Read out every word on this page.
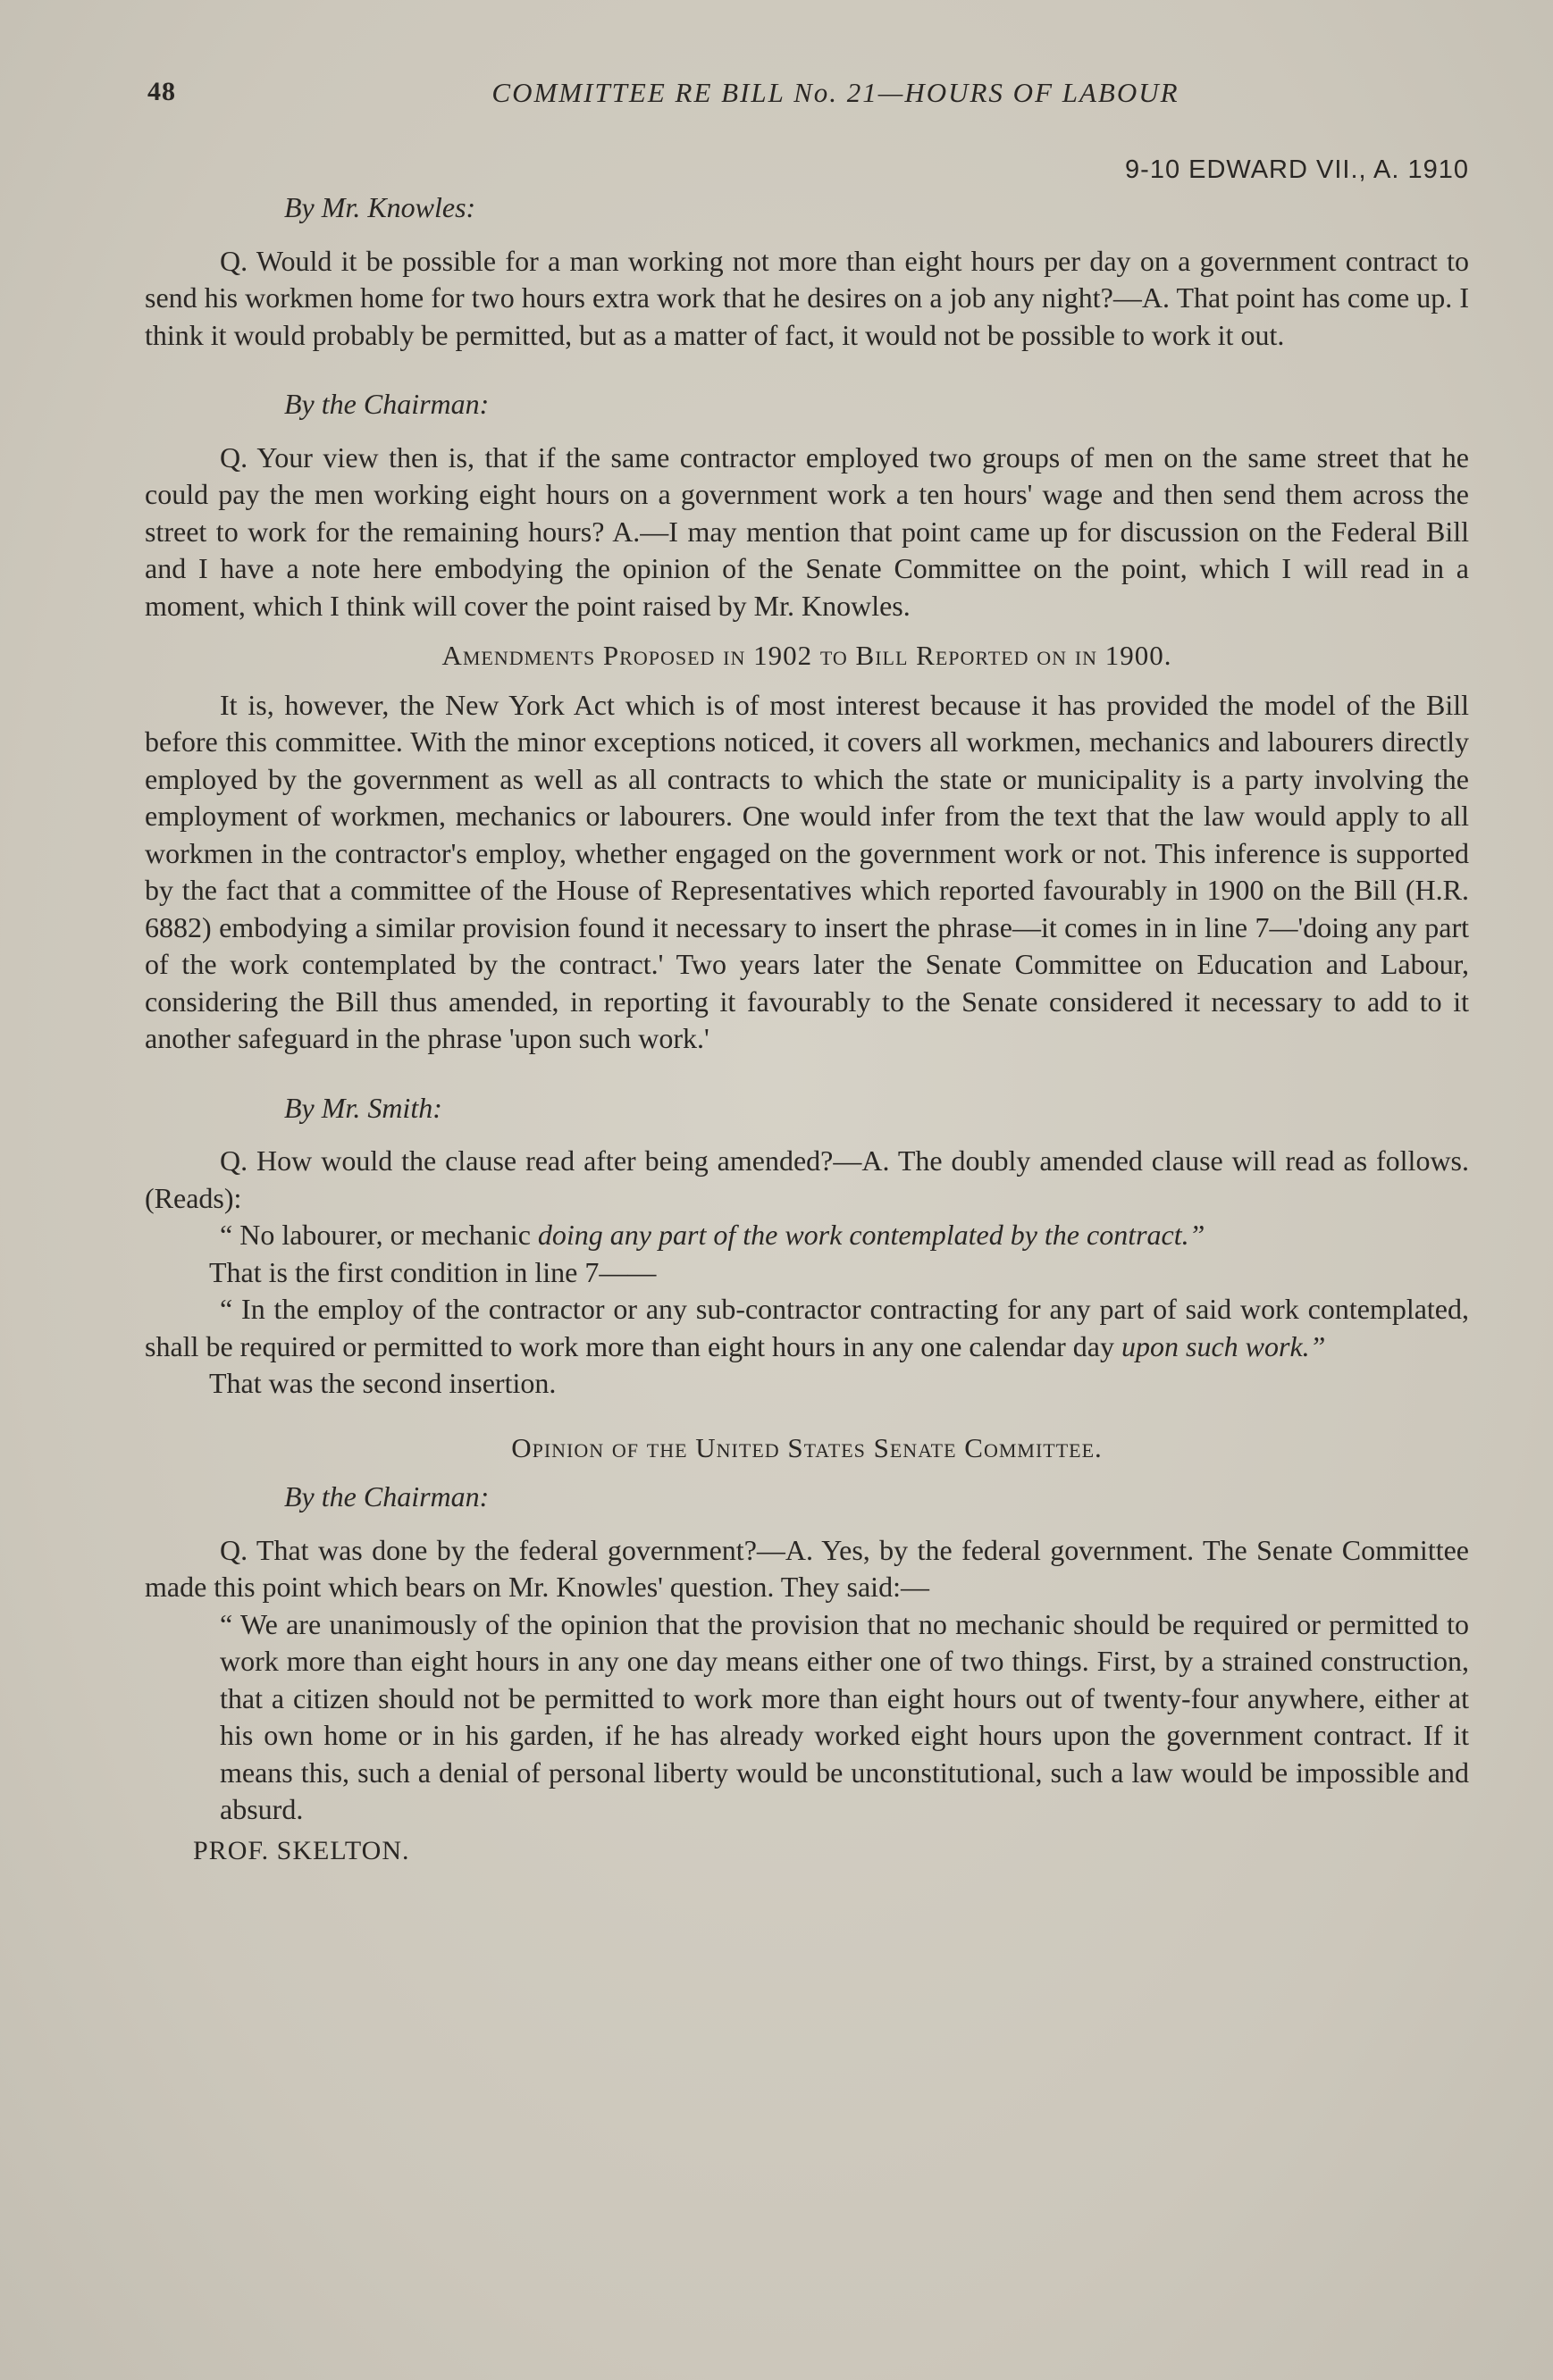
48	COMMITTEE RE BILL No. 21—HOURS OF LABOUR
9-10 EDWARD VII., A. 1910

By Mr. Knowles:

Q. Would it be possible for a man working not more than eight hours per day on a government contract to send his workmen home for two hours extra work that he desires on a job any night?—A. That point has come up. I think it would probably be permitted, but as a matter of fact, it would not be possible to work it out.

By the Chairman:

Q. Your view then is, that if the same contractor employed two groups of men on the same street that he could pay the men working eight hours on a government work a ten hours' wage and then send them across the street to work for the remaining hours? A.—I may mention that point came up for discussion on the Federal Bill and I have a note here embodying the opinion of the Senate Committee on the point, which I will read in a moment, which I think will cover the point raised by Mr. Knowles.

Amendments Proposed in 1902 to Bill Reported on in 1900.

It is, however, the New York Act which is of most interest because it has provided the model of the Bill before this committee. With the minor exceptions noticed, it covers all workmen, mechanics and labourers directly employed by the government as well as all contracts to which the state or municipality is a party involving the employment of workmen, mechanics or labourers. One would infer from the text that the law would apply to all workmen in the contractor's employ, whether engaged on the government work or not. This inference is supported by the fact that a committee of the House of Representatives which reported favourably in 1900 on the Bill (H.R. 6882) embodying a similar provision found it necessary to insert the phrase—it comes in in line 7—'doing any part of the work contemplated by the contract.' Two years later the Senate Committee on Education and Labour, considering the Bill thus amended, in reporting it favourably to the Senate considered it necessary to add to it another safeguard in the phrase 'upon such work.'

By Mr. Smith:

Q. How would the clause read after being amended?—A. The doubly amended clause will read as follows. (Reads):

“ No labourer, or mechanic doing any part of the work contemplated by the contract.”

That is the first condition in line 7——

“ In the employ of the contractor or any sub-contractor contracting for any part of said work contemplated, shall be required or permitted to work more than eight hours in any one calendar day upon such work.”

That was the second insertion.

Opinion of the United States Senate Committee.

By the Chairman:

Q. That was done by the federal government?—A. Yes, by the federal government. The Senate Committee made this point which bears on Mr. Knowles' question. They said:—

“ We are unanimously of the opinion that the provision that no mechanic should be required or permitted to work more than eight hours in any one day means either one of two things. First, by a strained construction, that a citizen should not be permitted to work more than eight hours out of twenty-four anywhere, either at his own home or in his garden, if he has already worked eight hours upon the government contract. If it means this, such a denial of personal liberty would be unconstitutional, such a law would be impossible and absurd.

PROF. SKELTON.
